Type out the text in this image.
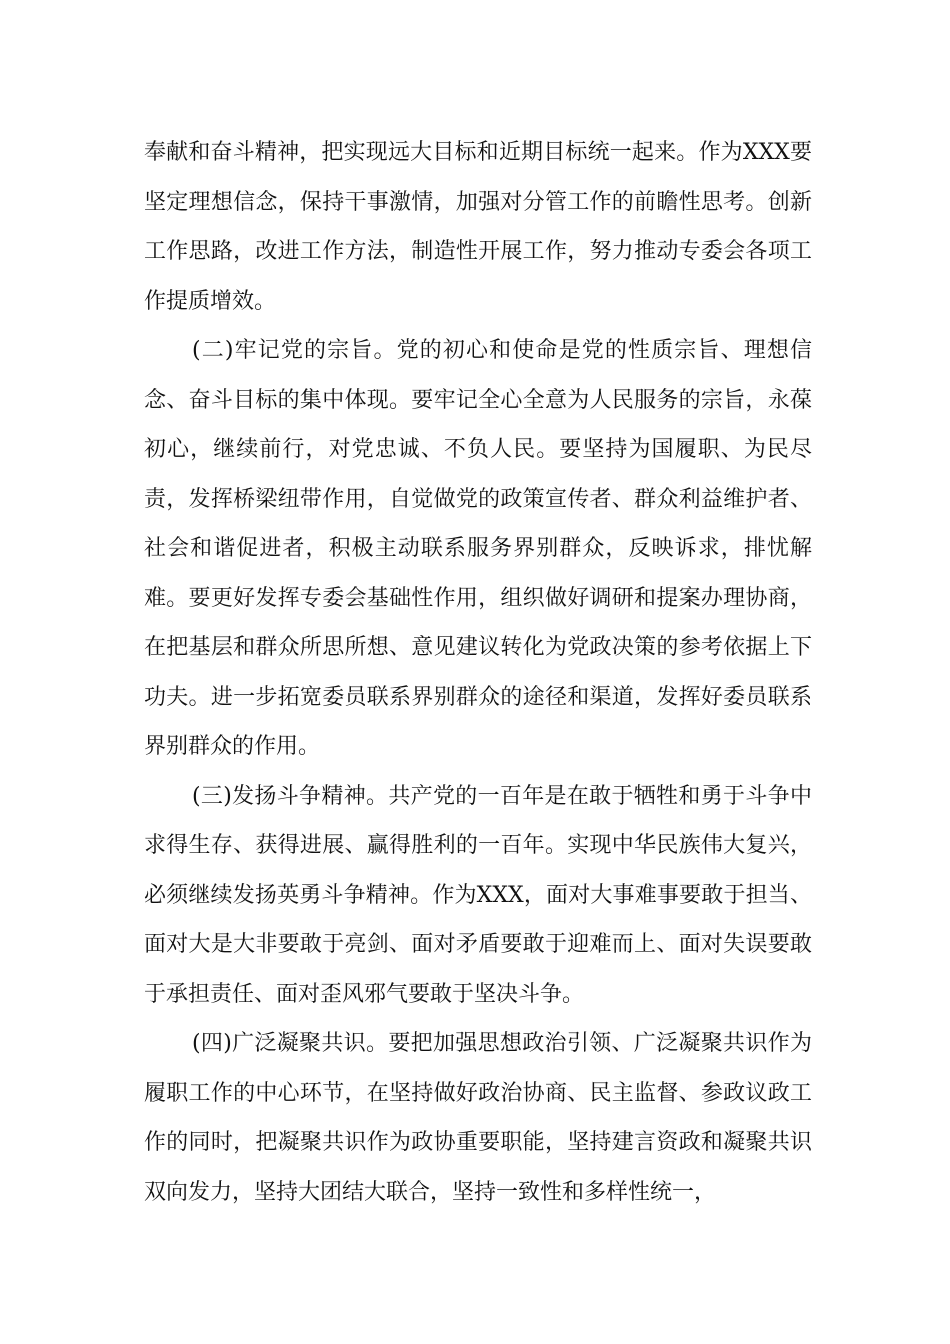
奉献和奋斗精神，把实现远大目标和近期目标统一起来。作为XXX要坚定理想信念，保持干事激情，加强对分管工作的前瞻性思考。创新工作思路，改进工作方法，制造性开展工作，努力推动专委会各项工作提质增效。

(二)牢记党的宗旨。党的初心和使命是党的性质宗旨、理想信念、奋斗目标的集中体现。要牢记全心全意为人民服务的宗旨，永葆初心，继续前行，对党忠诚、不负人民。要坚持为国履职、为民尽责，发挥桥梁纽带作用，自觉做党的政策宣传者、群众利益维护者、社会和谐促进者，积极主动联系服务界别群众，反映诉求，排忧解难。要更好发挥专委会基础性作用，组织做好调研和提案办理协商，在把基层和群众所思所想、意见建议转化为党政决策的参考依据上下功夫。进一步拓宽委员联系界别群众的途径和渠道，发挥好委员联系界别群众的作用。

(三)发扬斗争精神。共产党的一百年是在敢于牺牲和勇于斗争中求得生存、获得进展、赢得胜利的一百年。实现中华民族伟大复兴，必须继续发扬英勇斗争精神。作为XXX，面对大事难事要敢于担当、面对大是大非要敢于亮剑、面对矛盾要敢于迎难而上、面对失误要敢于承担责任、面对歪风邪气要敢于坚决斗争。

(四)广泛凝聚共识。要把加强思想政治引领、广泛凝聚共识作为履职工作的中心环节，在坚持做好政治协商、民主监督、参政议政工作的同时，把凝聚共识作为政协重要职能，坚持建言资政和凝聚共识双向发力，坚持大团结大联合，坚持一致性和多样性统一，
